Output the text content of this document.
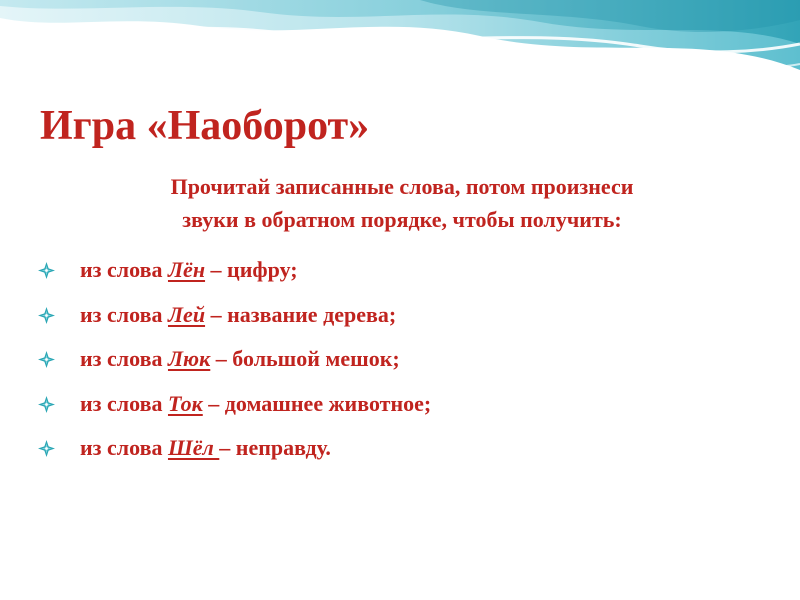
Игра «Наоборот»
Прочитай записанные слова, потом произнеси
звуки в обратном порядке, чтобы получить:
из слова Лён – цифру;
из слова Лей – название дерева;
из слова Люк – большой мешок;
из слова Ток – домашнее животное;
из слова Шёл – неправду.
